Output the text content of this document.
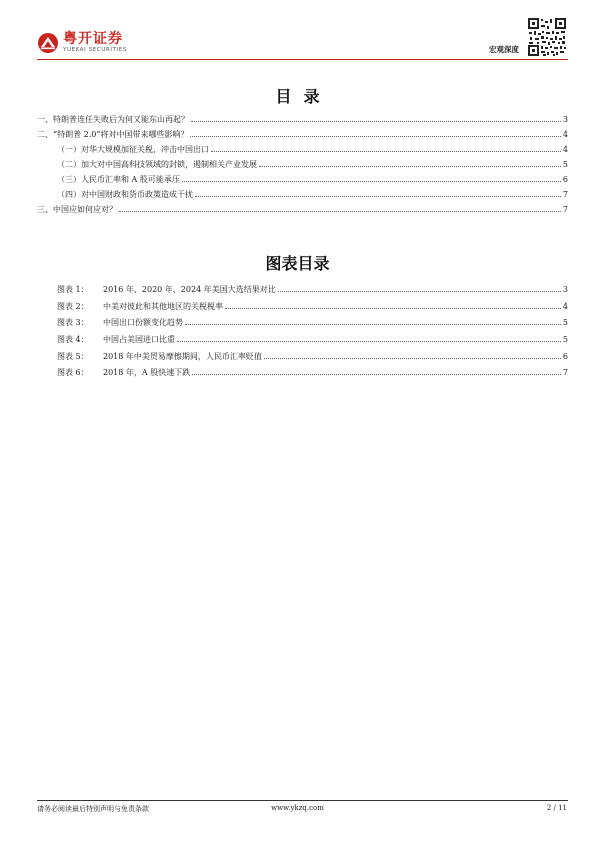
粤开证券
YUEKAI SECURITIES	宏观深度
目录
一、特朗普连任失败后为何又能东山再起？	3
二、“特朗普 2.0”将对中国带来哪些影响？	4
（一）对华大规模加征关税，冲击中国出口	4
（二）加大对中国高科技领域的封锁，遏制相关产业发展	5
（三）人民币汇率和 A 股可能承压	6
（四）对中国财政和货币政策造成干扰	7
三、中国应如何应对？	7
图表目录
图表 1：	2016 年、2020 年、2024 年美国大选结果对比	3
图表 2：	中美对彼此和其他地区的关税税率	4
图表 3：	中国出口份额变化趋势	5
图表 4：	中国占美国进口比重	5
图表 5：	2018 年中美贸易摩擦期间，人民币汇率贬值	6
图表 6：	2018 年，A 股快速下跌	7
请务必阅读最后特别声明与免责条款	www.ykzq.com	2 / 11
